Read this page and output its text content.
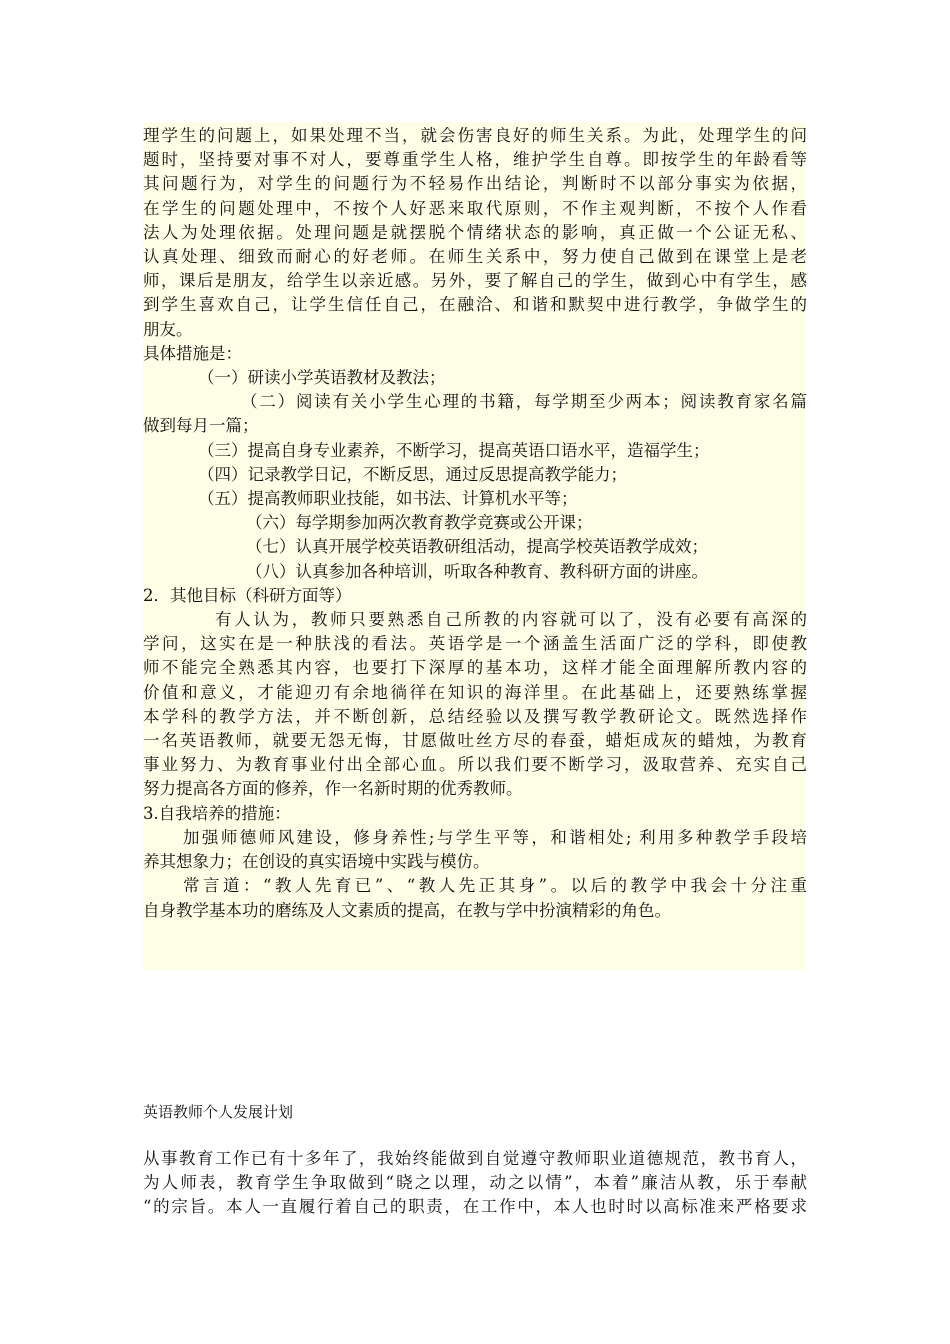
理学生的问题上，如果处理不当，就会伤害良好的师生关系。为此，处理学生的问

题时，坚持要对事不对人，要尊重学生人格，维护学生自尊。即按学生的年龄看等

其问题行为，对学生的问题行为不轻易作出结论，判断时不以部分事实为依据，

在学生的问题处理中，不按个人好恶来取代原则，不作主观判断，不按个人作看

法人为处理依据。处理问题是就摆脱个情绪状态的影响，真正做一个公证无私、

认真处理、细致而耐心的好老师。在师生关系中，努力使自己做到在课堂上是老

师，课后是朋友，给学生以亲近感。另外，要了解自己的学生，做到心中有学生，感

到学生喜欢自己，让学生信任自己，在融洽、和谐和默契中进行教学，争做学生的

朋友。

具体措施是：

（一）研读小学英语教材及教法；

（二）阅读有关小学生心理的书籍，每学期至少两本；阅读教育家名篇

做到每月一篇；

（三）提高自身专业素养，不断学习，提高英语口语水平，造福学生；

（四）记录教学日记，不断反思，通过反思提高教学能力；

（五）提高教师职业技能，如书法、计算机水平等；

（六）每学期参加两次教育教学竞赛或公开课；

（七）认真开展学校英语教研组活动，提高学校英语教学成效；

（八）认真参加各种培训，听取各种教育、教科研方面的讲座。

2．其他目标（科研方面等）

有人认为，教师只要熟悉自己所教的内容就可以了，没有必要有高深的

学问，这实在是一种肤浅的看法。英语学是一个涵盖生活面广泛的学科，即使教

师不能完全熟悉其内容，也要打下深厚的基本功，这样才能全面理解所教内容的

价值和意义，才能迎刃有余地徜徉在知识的海洋里。在此基础上，还要熟练掌握

本学科的教学方法，并不断创新，总结经验以及撰写教学教研论文。既然选择作

一名英语教师，就要无怨无悔，甘愿做吐丝方尽的春蚕，蜡炬成灰的蜡烛，为教育

事业努力、为教育事业付出全部心血。所以我们要不断学习，汲取营养、充实自己

努力提高各方面的修养，作一名新时期的优秀教师。

3.自我培养的措施：

加强师德师风建设，修身养性;与学生平等，和谐相处; 利用多种教学手段培

养其想象力；在创设的真实语境中实践与模仿。

常言道：“教人先育已”、“教人先正其身”。以后的教学中我会十分注重

自身教学基本功的磨练及人文素质的提高，在教与学中扮演精彩的角色。

英语教师个人发展计划

从事教育工作已有十多年了，我始终能做到自觉遵守教师职业道德规范，教书育人，

为人师表，教育学生争取做到“晓之以理，动之以情”，本着”廉洁从教，乐于奉献

“的宗旨。本人一直履行着自己的职责，在工作中，本人也时时以高标准来严格要求
